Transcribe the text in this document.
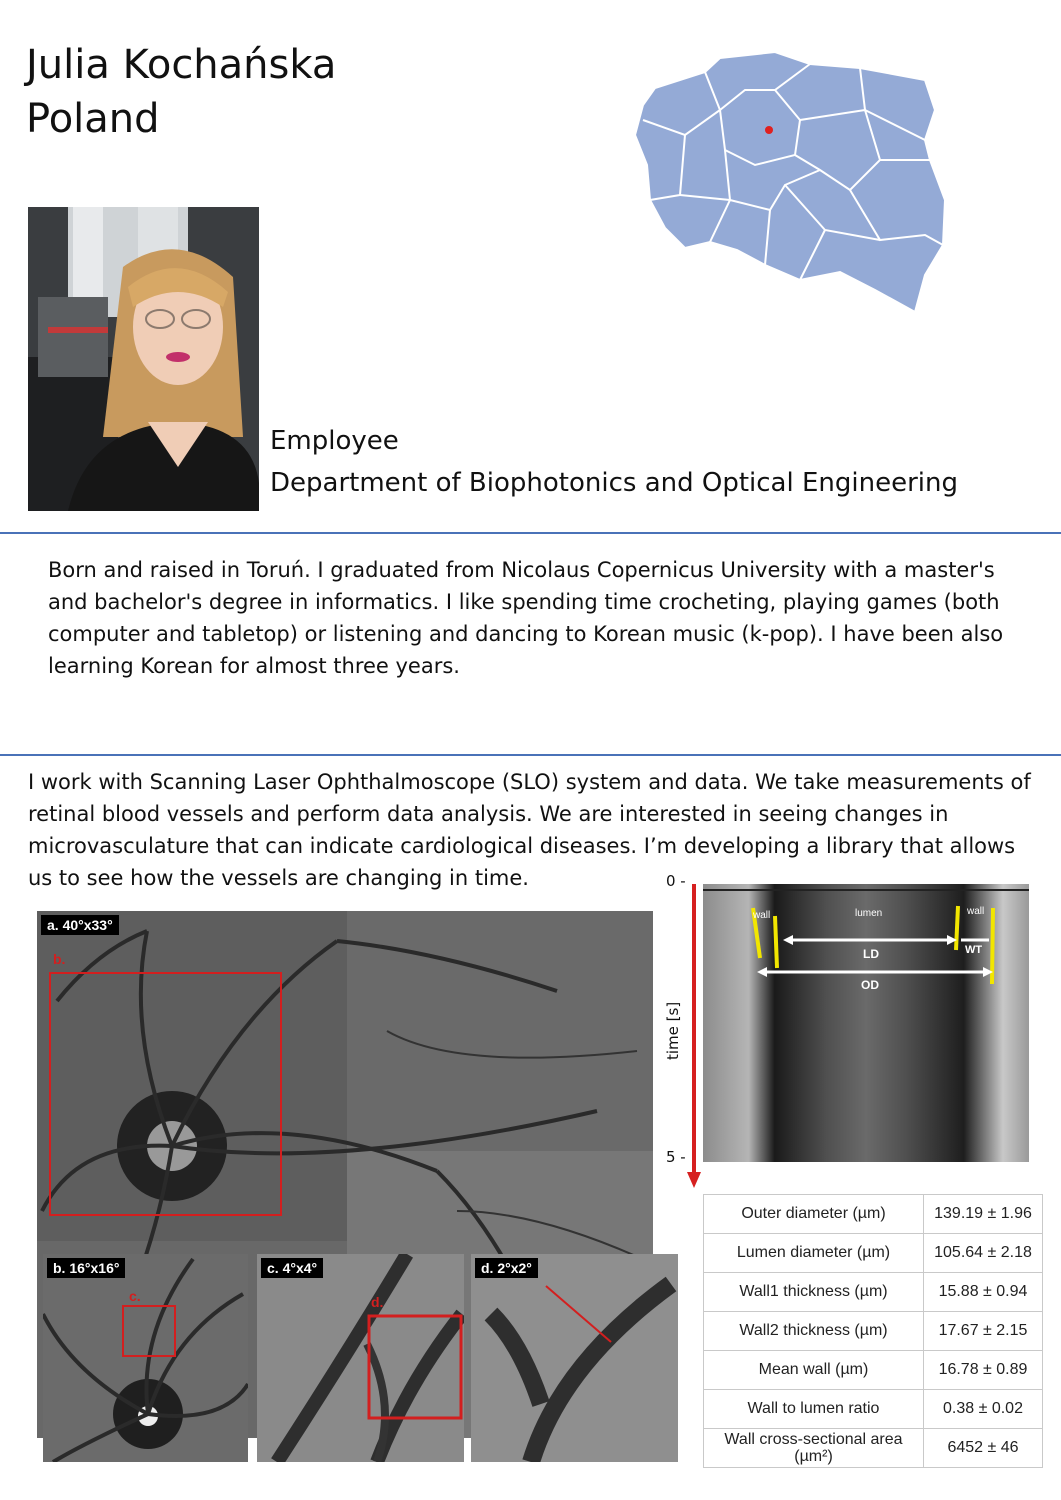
Julia Kochańska
Poland
Employee
Department of Biophotonics and Optical Engineering
Born and raised in Toruń. I graduated from Nicolaus Copernicus University with a master's and bachelor's degree in informatics. I like spending time crocheting, playing games (both computer and tabletop) or listening and dancing to Korean music (k-pop). I have been also learning Korean for almost three years.
I work with Scanning Laser Ophthalmoscope (SLO) system and data. We take measurements of retinal blood vessels and perform data analysis. We are interested in seeing changes in microvasculature that can indicate cardiological diseases. I’m developing a library that allows us to see how the vessels are changing in time.
a. 40°x33°
b.
b. 16°x16°
c.
c. 4°x4°
d.
d. 2°x2°
0 -
5 -
time [s]
wall	lumen	wall
LD	WT
OD
Outer diameter (µm)	139.19 ± 1.96
Lumen diameter (µm)	105.64 ± 2.18
Wall1 thickness (µm)	15.88 ± 0.94
Wall2 thickness (µm)	17.67 ± 2.15
Mean wall (µm)	16.78 ± 0.89
Wall to lumen ratio	0.38 ± 0.02
Wall cross-sectional area (µm²)	6452 ± 46
